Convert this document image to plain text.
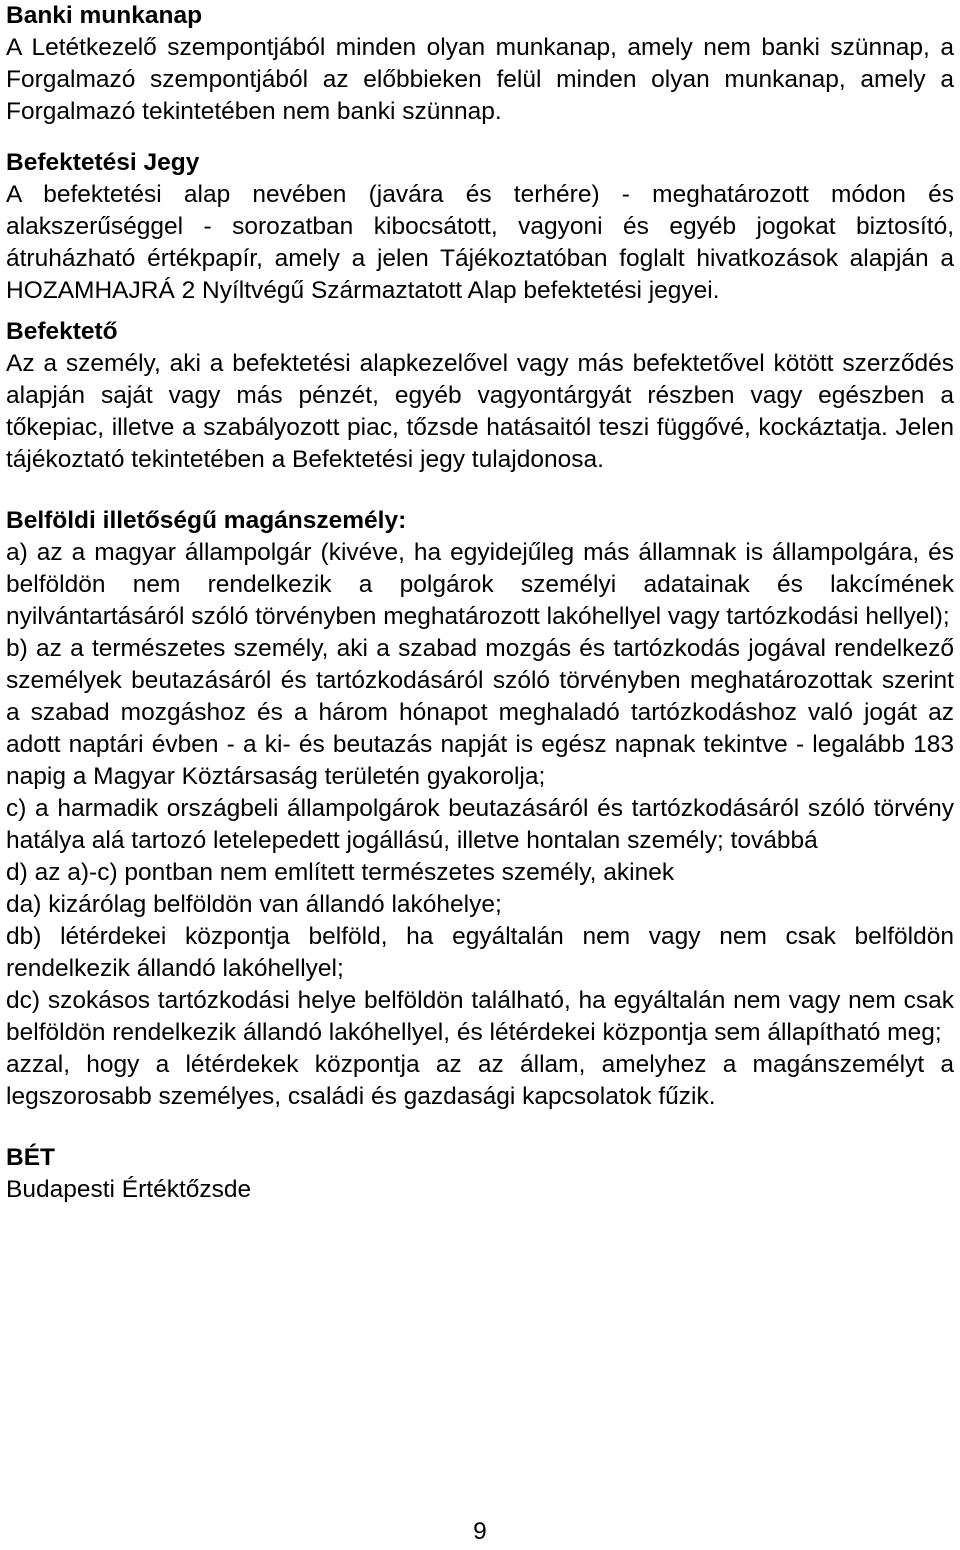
Banki munkanap
A Letétkezelő szempontjából minden olyan munkanap, amely nem banki szünnap, a Forgalmazó szempontjából az előbbieken felül minden olyan munkanap, amely a Forgalmazó tekintetében nem banki szünnap.
Befektetési Jegy
A befektetési alap nevében (javára és terhére) - meghatározott módon és alakszerűséggel - sorozatban kibocsátott, vagyoni és egyéb jogokat biztosító, átruházható értékpapír, amely a jelen Tájékoztatóban foglalt hivatkozások alapján a HOZAMHAJRÁ 2 Nyíltvégű Származtatott Alap befektetési jegyei.
Befektető
Az a személy, aki a befektetési alapkezelővel vagy más befektetővel kötött szerződés alapján saját vagy más pénzét, egyéb vagyontárgyát részben vagy egészben a tőkepiac, illetve a szabályozott piac, tőzsde hatásaitól teszi függővé, kockáztatja. Jelen tájékoztató tekintetében a Befektetési jegy tulajdonosa.
Belföldi illetőségű magánszemély:
a) az a magyar állampolgár (kivéve, ha egyidejűleg más államnak is állampolgára, és belföldön nem rendelkezik a polgárok személyi adatainak és lakcímének nyilvántartásáról szóló törvényben meghatározott lakóhellyel vagy tartózkodási hellyel);
b) az a természetes személy, aki a szabad mozgás és tartózkodás jogával rendelkező személyek beutazásáról és tartózkodásáról szóló törvényben meghatározottak szerint a szabad mozgáshoz és a három hónapot meghaladó tartózkodáshoz való jogát az adott naptári évben - a ki- és beutazás napját is egész napnak tekintve - legalább 183 napig a Magyar Köztársaság területén gyakorolja;
c) a harmadik országbeli állampolgárok beutazásáról és tartózkodásáról szóló törvény hatálya alá tartozó letelepedett jogállású, illetve hontalan személy; továbbá
d) az a)-c) pontban nem említett természetes személy, akinek
da) kizárólag belföldön van állandó lakóhelye;
db) létérdekei központja belföld, ha egyáltalán nem vagy nem csak belföldön rendelkezik állandó lakóhellyel;
dc) szokásos tartózkodási helye belföldön található, ha egyáltalán nem vagy nem csak belföldön rendelkezik állandó lakóhellyel, és létérdekei központja sem állapítható meg;
azzal, hogy a létérdekek központja az az állam, amelyhez a magánszemélyt a legszorosabb személyes, családi és gazdasági kapcsolatok fűzik.
BÉT
Budapesti Értéktőzsde
9
